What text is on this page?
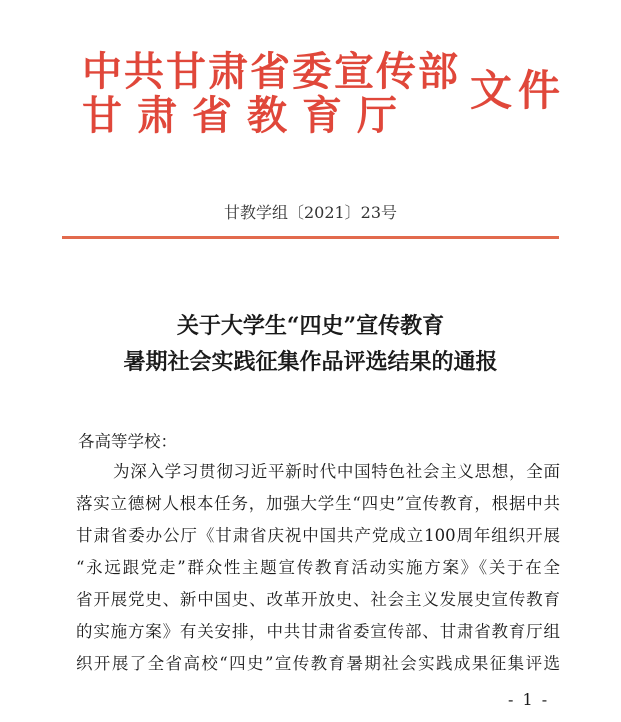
中共甘肃省委宣传部
甘肃省教育厅
文件
甘教学组〔2021〕23号
关于大学生“四史”宣传教育
暑期社会实践征集作品评选结果的通报
各高等学校：
为深入学习贯彻习近平新时代中国特色社会主义思想，全面
落实立德树人根本任务，加强大学生“四史”宣传教育，根据中共
甘肃省委办公厅《甘肃省庆祝中国共产党成立100周年组织开展
“永远跟党走”群众性主题宣传教育活动实施方案》《关于在全
省开展党史、新中国史、改革开放史、社会主义发展史宣传教育
的实施方案》有关安排，中共甘肃省委宣传部、甘肃省教育厅组
织开展了全省高校“四史”宣传教育暑期社会实践成果征集评选
- 1 -
